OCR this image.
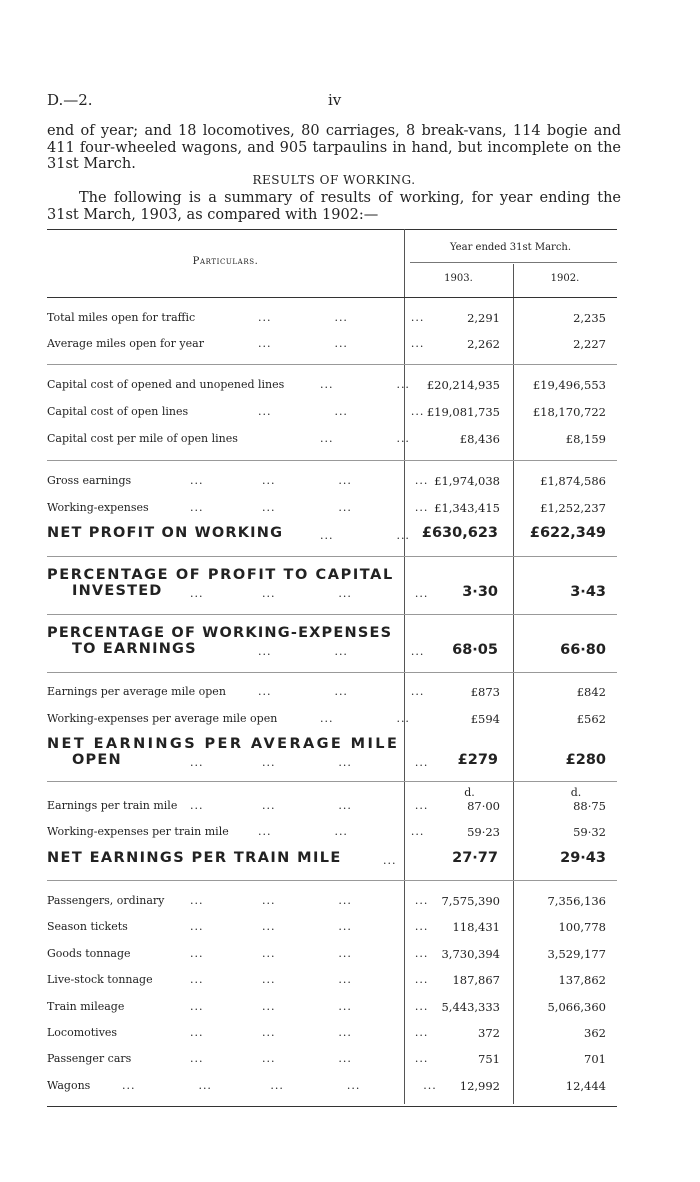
D.—2.	iv
end of year; and 18 locomotives, 80 carriages, 8 break-vans, 114 bogie and 411 four-wheeled wagons, and 905 tarpaulins in hand, but incomplete on the 31st March.
RESULTS OF WORKING.
The following is a summary of results of working, for year ending the 31st March, 1903, as compared with 1902:—
Particulars.
Year ended 31st March.
1903.	1902.
Total miles open for traffic	...              ...              ...	2,291	2,235
Average miles open for year	...              ...              ...	2,262	2,227
Capital cost of opened and unopened lines	...              ...	£20,214,935	£19,496,553
Capital cost of open lines	...              ...              ... £19,081,735	£18,170,722
Capital cost per mile of open lines	...              ...	£8,436	£8,159
Gross earnings	...             ...              ...              ... £1,974,038	£1,874,586
Working-expenses	...             ...              ...              ... £1,343,415	£1,252,237
NET PROFIT ON WORKING	...              ... £630,623	£622,349
PERCENTAGE OF PROFIT TO CAPITAL
INVESTED ...             ...              ...              ...	3·30	3·43
PERCENTAGE OF WORKING-EXPENSES
TO EARNINGS	...              ...              ...	68·05	66·80
Earnings per average mile open	...              ...              ...	£873	£842
Working-expenses per average mile open	...              ...	£594	£562
NET EARNINGS PER AVERAGE MILE
OPEN	...             ...              ...              ...	£279	£280
d.	d.
Earnings per train mile ...             ...              ...              ...	87·00	88·75
Working-expenses per train mile	...              ...              ...	59·23	59·32
NET EARNINGS PER TRAIN MILE	...	27·77	29·43
Passengers, ordinary ...             ...              ...              ...	7,575,390	7,356,136
Season tickets	...             ...              ...              ...	118,431	100,778
Goods tonnage	...             ...              ...              ...	3,730,394	3,529,177
Live-stock tonnage	...             ...              ...              ...	187,867	137,862
Train mileage	...             ...              ...              ...	5,443,333	5,066,360
Locomotives	...             ...              ...              ...	372	362
Passenger cars	...             ...              ...              ...	751	701
Wagons	...              ...             ...              ...              ...	12,992	12,444
